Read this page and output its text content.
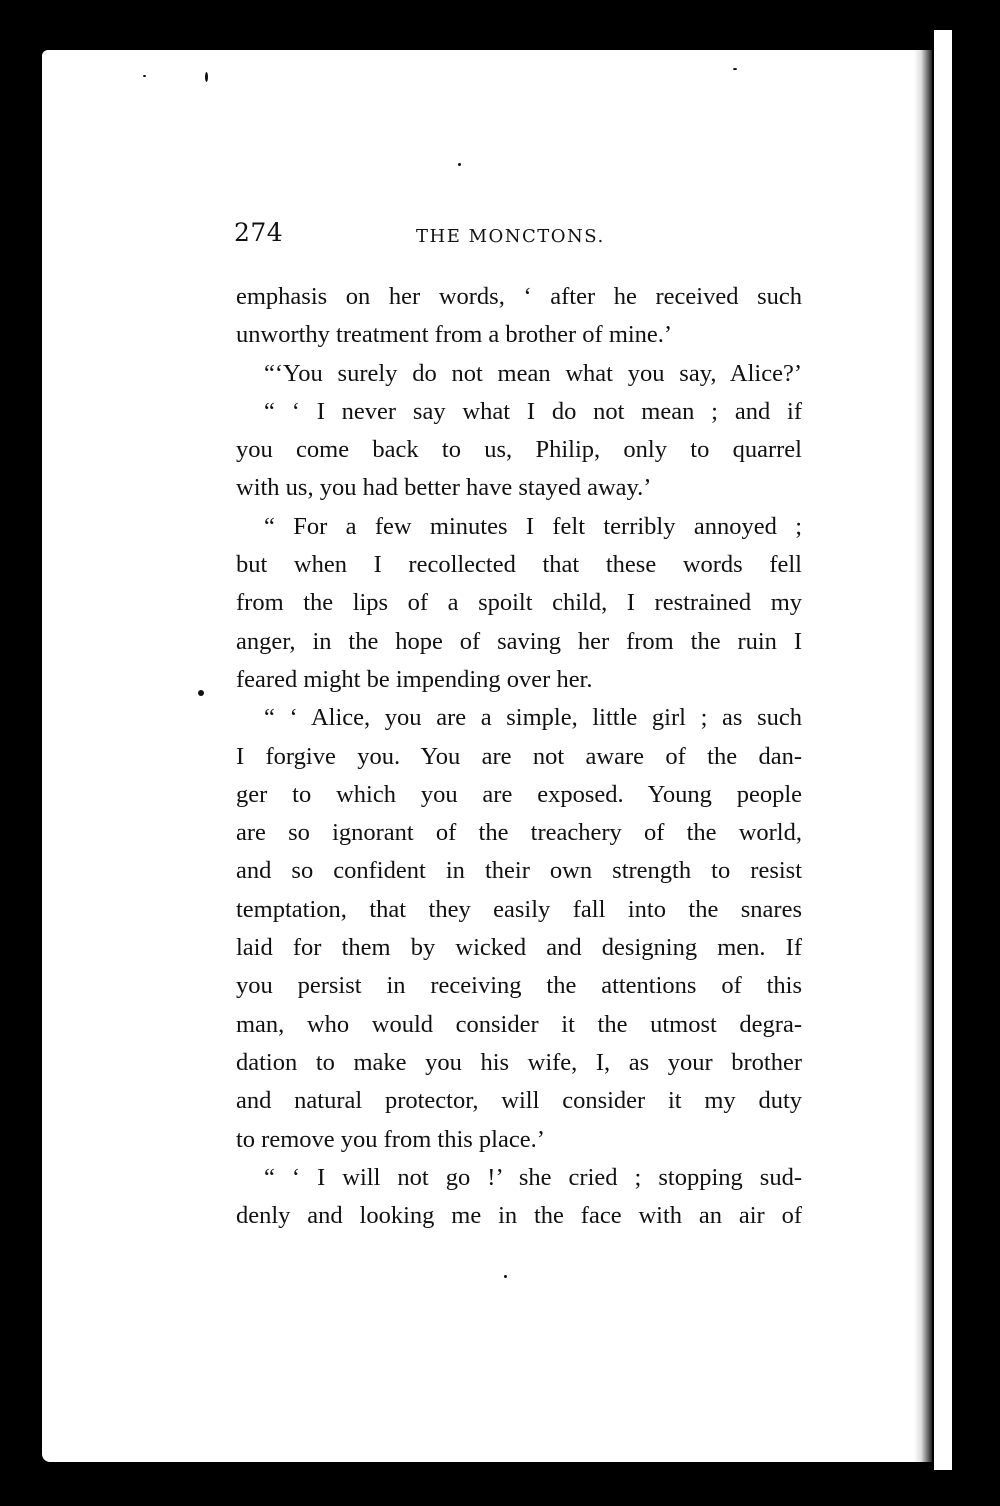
274	THE MONCTONS.
emphasis on her words, ‘ after he received such
unworthy treatment from a brother of mine.’
“‘You surely do not mean what you say, Alice?’
“ ‘ I never say what I do not mean ; and if
you come back to us, Philip, only to quarrel
with us, you had better have stayed away.’
“ For a few minutes I felt terribly annoyed ;
but when I recollected that these words fell
from the lips of a spoilt child, I restrained my
anger, in the hope of saving her from the ruin I
feared might be impending over her.
“ ‘ Alice, you are a simple, little girl ; as such
I forgive you. You are not aware of the dan-
ger to which you are exposed. Young people
are so ignorant of the treachery of the world,
and so confident in their own strength to resist
temptation, that they easily fall into the snares
laid for them by wicked and designing men. If
you persist in receiving the attentions of this
man, who would consider it the utmost degra-
dation to make you his wife, I, as your brother
and natural protector, will consider it my duty
to remove you from this place.’
“ ‘ I will not go !’ she cried ; stopping sud-
denly and looking me in the face with an air of
